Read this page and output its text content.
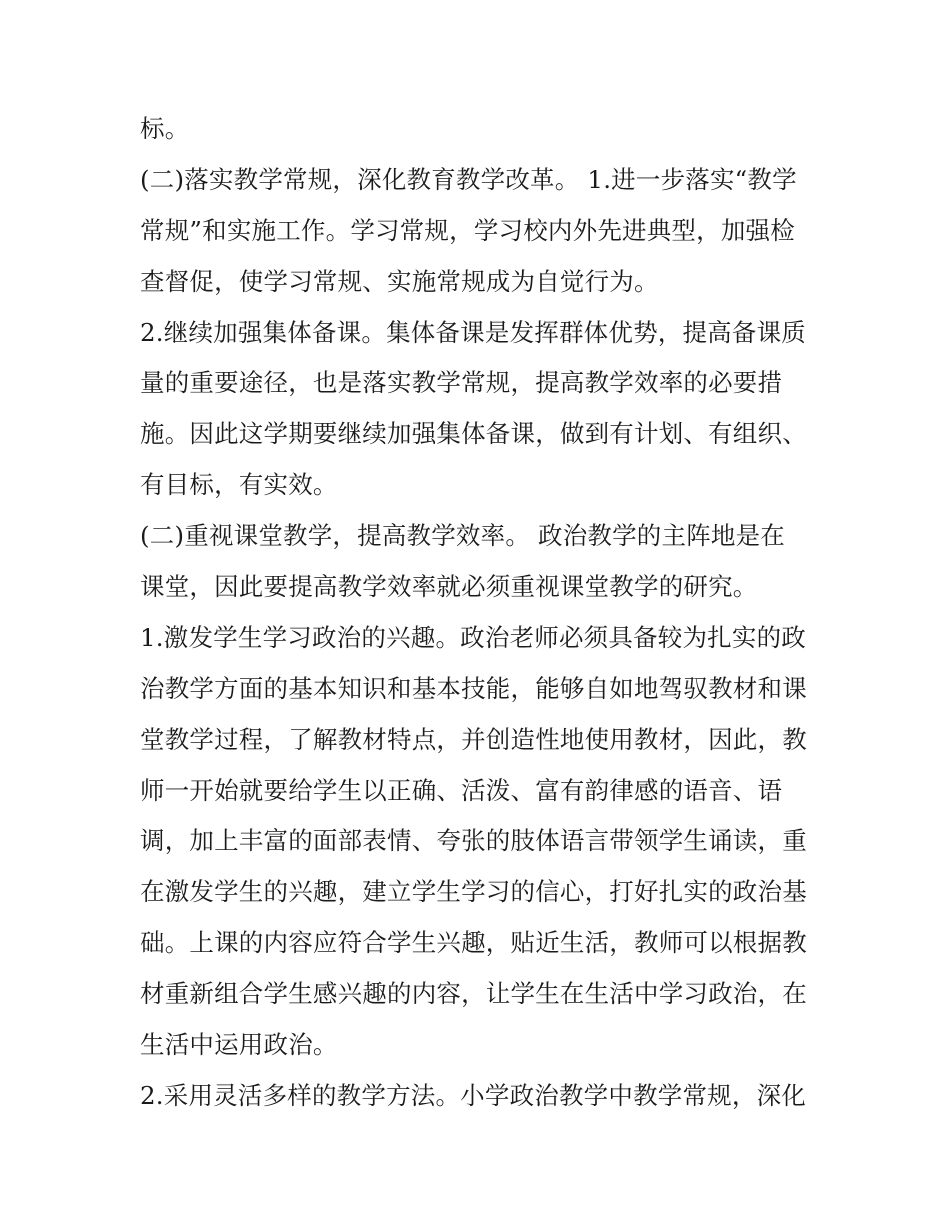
标。
(二)落实教学常规，深化教育教学改革。 1.进一步落实“教学
常规”和实施工作。学习常规，学习校内外先进典型，加强检
查督促，使学习常规、实施常规成为自觉行为。
2.继续加强集体备课。集体备课是发挥群体优势，提高备课质
量的重要途径，也是落实教学常规，提高教学效率的必要措
施。因此这学期要继续加强集体备课，做到有计划、有组织、
有目标，有实效。
(二)重视课堂教学，提高教学效率。 政治教学的主阵地是在
课堂，因此要提高教学效率就必须重视课堂教学的研究。
1.激发学生学习政治的兴趣。政治老师必须具备较为扎实的政
治教学方面的基本知识和基本技能，能够自如地驾驭教材和课
堂教学过程，了解教材特点，并创造性地使用教材，因此，教
师一开始就要给学生以正确、活泼、富有韵律感的语音、语
调，加上丰富的面部表情、夸张的肢体语言带领学生诵读，重
在激发学生的兴趣，建立学生学习的信心，打好扎实的政治基
础。上课的内容应符合学生兴趣，贴近生活，教师可以根据教
材重新组合学生感兴趣的内容，让学生在生活中学习政治，在
生活中运用政治。
2.采用灵活多样的教学方法。小学政治教学中教学常规，深化
